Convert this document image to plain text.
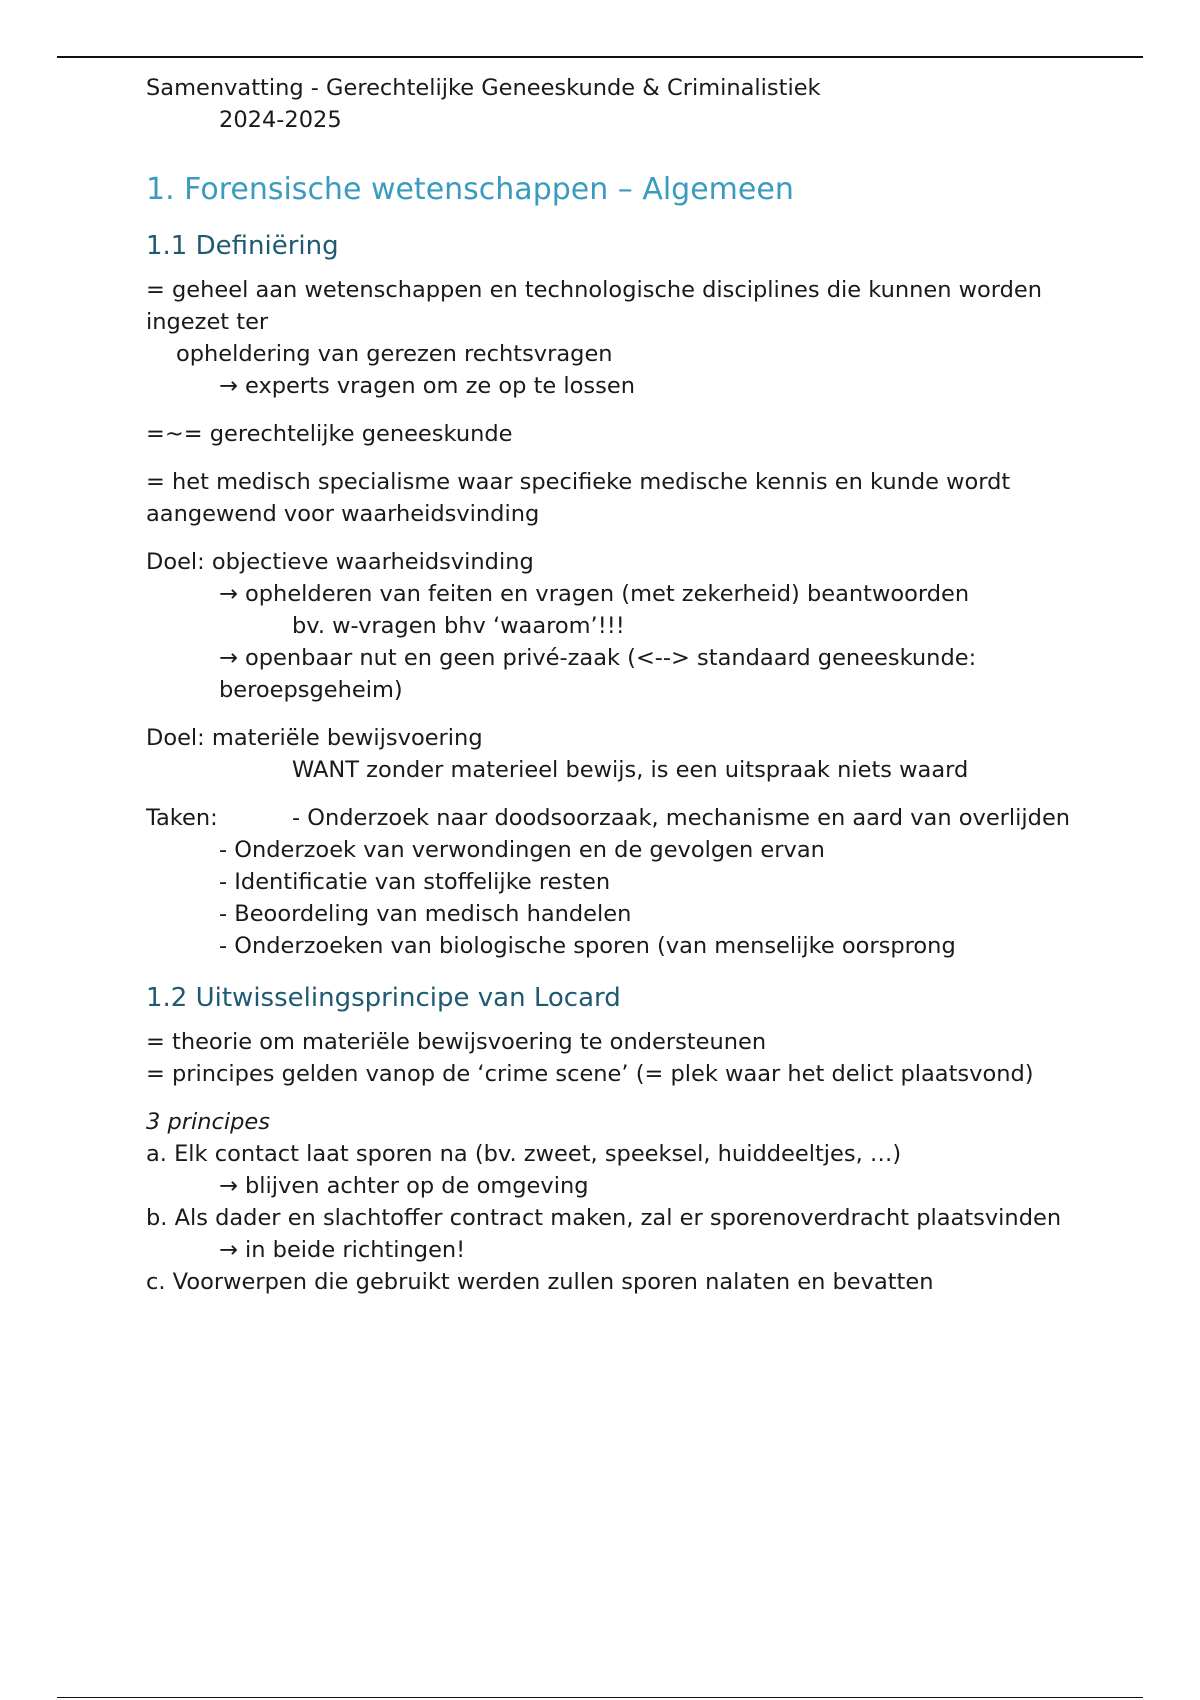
Samenvatting - Gerechtelijke Geneeskunde & Criminalistiek

2024-2025

1. Forensische wetenschappen – Algemeen
1.1 Definiëring

= geheel aan wetenschappen en technologische disciplines die kunnen worden ingezet ter

opheldering van gerezen rechtsvragen

→ experts vragen om ze op te lossen

=~= gerechtelijke geneeskunde

= het medisch specialisme waar specifieke medische kennis en kunde wordt aangewend voor waarheidsvinding

Doel: objectieve waarheidsvinding

→ ophelderen van feiten en vragen (met zekerheid) beantwoorden

bv. w-vragen bhv ‘waarom’!!!

→ openbaar nut en geen privé-zaak (<--> standaard geneeskunde: beroepsgeheim)

Doel: materiële bewijsvoering

WANT zonder materieel bewijs, is een uitspraak niets waard

Taken:	- Onderzoek naar doodsoorzaak, mechanisme en aard van overlijden

- Onderzoek van verwondingen en de gevolgen ervan

- Identificatie van stoffelijke resten

- Beoordeling van medisch handelen

- Onderzoeken van biologische sporen (van menselijke oorsprong

1.2 Uitwisselingsprincipe van Locard

= theorie om materiële bewijsvoering te ondersteunen

= principes gelden vanop de ‘crime scene’ (= plek waar het delict plaatsvond)

3 principes

a. Elk contact laat sporen na (bv. zweet, speeksel, huiddeeltjes, …)

→ blijven achter op de omgeving

b. Als dader en slachtoffer contract maken, zal er sporenoverdracht plaatsvinden

→ in beide richtingen!

c. Voorwerpen die gebruikt werden zullen sporen nalaten en bevatten
